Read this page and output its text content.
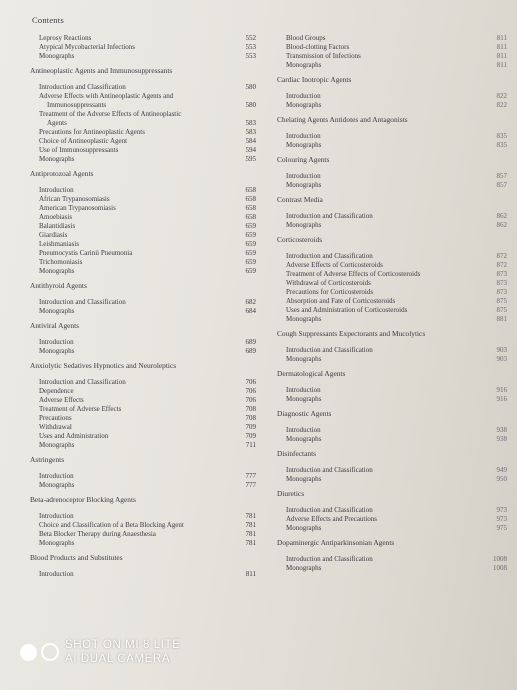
Contents
Leprosy Reactions	552
Atypical Mycobacterial Infections	553
Monographs	553
Antineoplastic Agents and Immunosuppressants
Introduction and Classification	580
Adverse Effects with Antineoplastic Agents and
Immunosuppressants	580
Treatment of the Adverse Effects of Antineoplastic
Agents	583
Precautions for Antineoplastic Agents	583
Choice of Antineoplastic Agent	584
Use of Immunosuppressants	594
Monographs	595
Antiprotozoal Agents
Introduction	658
African Trypanosomiasis	658
American Trypanosomiasis	658
Amoebiasis	658
Balantidiasis	659
Giardiasis	659
Leishmaniasis	659
Pneumocystis Carinii Pneumonia	659
Trichomoniasis	659
Monographs	659
Antithyroid Agents
Introduction and Classification	682
Monographs	684
Antiviral Agents
Introduction	689
Monographs	689
Anxiolytic Sedatives Hypnotics and Neuroleptics
Introduction and Classification	706
Dependence	706
Adverse Effects	706
Treatment of Adverse Effects	708
Precautions	708
Withdrawal	709
Uses and Administration	709
Monographs	711
Astringents
Introduction	777
Monographs	777
Beta-adrenoceptor Blocking Agents
Introduction	781
Choice and Classification of a Beta Blocking Agent	781
Beta Blocker Therapy during Anaesthesia	781
Monographs	781
Blood Products and Substitutes
Introduction	811
Blood Groups	811
Blood-clotting Factors	811
Transmission of Infections	811
Monographs	811
Cardiac Inotropic Agents
Introduction	822
Monographs	822
Chelating Agents Antidotes and Antagonists
Introduction	835
Monographs	835
Colouring Agents
Introduction	857
Monographs	857
Contrast Media
Introduction and Classification	862
Monographs	862
Corticosteroids
Introduction and Classification	872
Adverse Effects of Corticosteroids	872
Treatment of Adverse Effects of Corticosteroids	873
Withdrawal of Corticosteroids	873
Precautions for Corticosteroids	873
Absorption and Fate of Corticosteroids	875
Uses and Administration of Corticosteroids	875
Monographs	881
Cough Suppressants Expectorants and Mucolytics
Introduction and Classification	903
Monographs	903
Dermatological Agents
Introduction	916
Monographs	916
Diagnostic Agents
Introduction	938
Monographs	938
Disinfectants
Introduction and Classification	949
Monographs	950
Diuretics
Introduction and Classification	973
Adverse Effects and Precautions	973
Monographs	975
Dopaminergic Antiparkinsonian Agents
Introduction and Classification	1008
Monographs	1008
SHOT ON MI 8 LITE
AI DUAL CAMERA
